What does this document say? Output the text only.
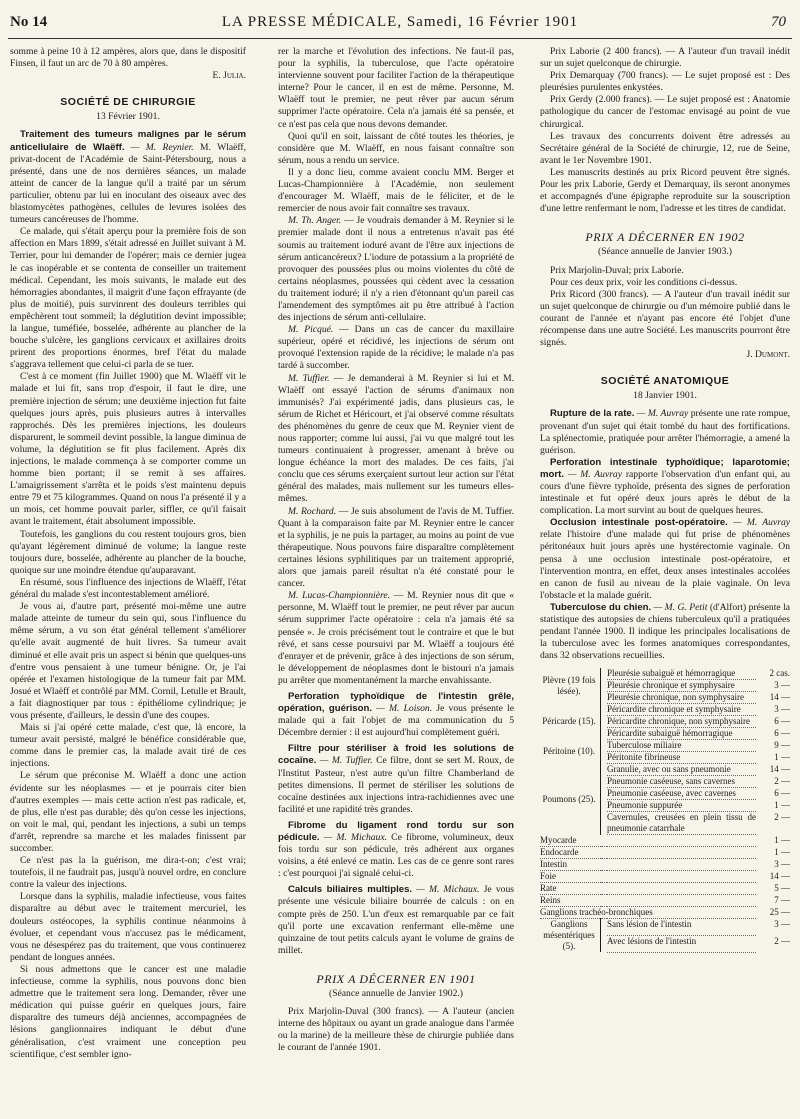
No 14	LA PRESSE MÉDICALE, Samedi, 16 Février 1901	70

somme à peine 10 à 12 ampères, alors que, dans le dispositif Finsen, il faut un arc de 70 à 80 ampères.

E. Julia.
SOCIÉTÉ DE CHIRURGIE
13 Février 1901.

Traitement des tumeurs malignes par le sérum anticellulaire de Wlaëff. — M. Reynier. M. Wlaëff, privat-docent de l'Académie de Saint-Pétersbourg, nous a présenté, dans une de nos dernières séances, un malade atteint de cancer de la langue qu'il a traité par un sérum particulier, obtenu par lui en inoculant des oiseaux avec des blastomycètes pathogènes, cellules de levures isolées des tumeurs cancéreuses de l'homme.

Ce malade, qui s'était aperçu pour la première fois de son affection en Mars 1899, s'était adressé en Juillet suivant à M. Terrier, pour lui demander de l'opérer; mais ce dernier jugea le cas inopérable et se contenta de conseiller un traitement médical. Cependant, les mois suivants, le malade eut des hémorragies abondantes, il maigrit d'une façon effrayante (de plus de moitié), puis survinrent des douleurs terribles qui empêchèrent tout sommeil; la déglutition devint impossible; la langue, tuméfiée, bosselée, adhérente au plancher de la bouche s'ulcère, les ganglions cervicaux et axillaires droits prirent des proportions énormes, bref l'état du malade s'aggrava tellement que celui-ci parla de se tuer.

C'est à ce moment (fin Juillet 1900) que M. Wlaëff vit le malade et lui fit, sans trop d'espoir, il faut le dire, une première injection de sérum; une deuxième injection fut faite quelques jours après, puis plusieurs autres à intervalles rapprochés. Dès les premières injections, les douleurs disparurent, le sommeil devint possible, la langue diminua de volume, la déglutition se fit plus facilement. Après dix injections, le malade commença à se comporter comme un homme bien portant; il se remit à ses affaires. L'amaigrissement s'arrêta et le poids s'est maintenu depuis entre 79 et 75 kilogrammes. Quand on nous l'a présenté il y a un mois, cet homme pouvait parler, siffler, ce qu'il faisait avant le traitement, était absolument impossible.

Toutefois, les ganglions du cou restent toujours gros, bien qu'ayant légèrement diminué de volume; la langue reste toujours dure, bosselée, adhérente au plancher de la bouche, quoique sur une moindre étendue qu'auparavant.

En résumé, sous l'influence des injections de Wlaëff, l'état général du malade s'est incontestablement amélioré.

Je vous ai, d'autre part, présenté moi-même une autre malade atteinte de tumeur du sein qui, sous l'influence du même sérum, a vu son état général tellement s'améliorer qu'elle avait augmenté de huit livres. Sa tumeur avait diminué et elle avait pris un aspect si bénin que quelques-uns d'entre vous pensaient à une tumeur bénigne. Or, je l'ai opérée et l'examen histologique de la tumeur fait par MM. Josué et Wlaëff et contrôlé par MM. Cornil, Letulle et Brault, a fait diagnostiquer par tous : épithéliome cylindrique; je vous présente, d'ailleurs, le dessin d'une des coupes.

Mais si j'ai opéré cette malade, c'est que, là encore, la tumeur avait persisté, malgré le bénéfice considérable que, comme dans le premier cas, la malade avait tiré de ces injections.

Le sérum que préconise M. Wlaëff a donc une action évidente sur les néoplasmes — et je pourrais citer bien d'autres exemples — mais cette action n'est pas radicale, et, de plus, elle n'est pas durable; dès qu'on cesse les injections, on voit le mal, qui, pendant les injections, a subi un temps d'arrêt, reprendre sa marche et les malades finissent par succomber.

Ce n'est pas la la guérison, me dira-t-on; c'est vrai; toutefois, il ne faudrait pas, jusqu'à nouvel ordre, en conclure contre la valeur des injections.

Lorsque dans la syphilis, maladie infectieuse, vous faites disparaître au début avec le traitement mercuriel, les douleurs ostéocopes, la syphilis continue néanmoins à évoluer, et cependant vous n'accusez pas le médicament, vous ne désespérez pas du traitement, que vous continuerez pendant de longues années.

Si nous admettons que le cancer est une maladie infectieuse, comme la syphilis, nous pouvons donc bien admettre que le traitement sera long. Demander, rêver une médication qui puisse guérir en quelques jours, faire disparaître des tumeurs déjà anciennes, accompagnées de lésions ganglionnaires indiquant le début d'une généralisation, c'est vraiment une conception peu scientifique, c'est sembler igno-

rer la marche et l'évolution des infections. Ne faut-il pas, pour la syphilis, la tuberculose, que l'acte opératoire intervienne souvent pour faciliter l'action de la thérapeutique interne? Pour le cancer, il en est de même. Personne, M. Wlaëff tout le premier, ne peut rêver par aucun sérum supprimer l'acte opératoire. Cela n'a jamais été sa pensée, et ce n'est pas cela que nous devons demander.

Quoi qu'il en soit, laissant de côté toutes les théories, je considère que M. Wlaëff, en nous faisant connaître son sérum, nous a rendu un service.

Il y a donc lieu, comme avaient conclu MM. Berger et Lucas-Championnière à l'Académie, non seulement d'encourager M. Wlaëff, mais de le féliciter, et de le remercier de nous avoir fait connaître ses travaux.

M. Th. Anger. — Je voudrais demander à M. Reynier si le premier malade dont il nous a entretenus n'avait pas été soumis au traitement ioduré avant de l'être aux injections de sérum anticancéreux? L'iodure de potassium a la propriété de provoquer des poussées plus ou moins violentes du côté de certains néoplasmes, poussées qui cèdent avec la cessation du traitement ioduré; il n'y a rien d'étonnant qu'un pareil cas l'amendement des symptômes ait pu être attribué à l'action des injections de sérum anti-cellulaire.

M. Picqué. — Dans un cas de cancer du maxillaire supérieur, opéré et récidivé, les injections de sérum ont provoqué l'extension rapide de la récidive; le malade n'a pas tardé à succomber.

M. Tuffier. — Je demanderai à M. Reynier si lui et M. Wlaëff ont essayé l'action de sérums d'animaux non immunisés? J'ai expérimenté jadis, dans plusieurs cas, le sérum de Richet et Héricourt, et j'ai observé comme résultats des phénomènes du genre de ceux que M. Reynier vient de nous rapporter; comme lui aussi, j'ai vu que malgré tout les tumeurs continuaient à progresser, amenant à brève ou longue échéance la mort des malades. De ces faits, j'ai conclu que ces sérums exerçaient surtout leur action sur l'état général des malades, mais nullement sur les tumeurs elles-mêmes.

M. Rochard. — Je suis absolument de l'avis de M. Tuffier. Quant à la comparaison faite par M. Reynier entre le cancer et la syphilis, je ne puis la partager, au moins au point de vue thérapeutique. Nous pouvons faire disparaître complètement certaines lésions syphilitiques par un traitement approprié, alors que jamais pareil résultat n'a été constaté pour le cancer.

M. Lucas-Championnière. — M. Reynier nous dit que « personne, M. Wlaëff tout le premier, ne peut rêver par aucun sérum supprimer l'acte opératoire : cela n'a jamais été sa pensée ». Je crois précisément tout le contraire et que le but rêvé, et sans cesse poursuivi par M. Wlaëff a toujours été d'enrayer et de prévenir, grâce à des injections de son sérum, le développement de néoplasmes dont le bistouri n'a jamais pu arrêter que momentanément la marche envahissante.

Perforation typhoïdique de l'intestin grêle, opération, guérison. — M. Loison. Je vous présente le malade qui a fait l'objet de ma communication du 5 Décembre dernier : il est aujourd'hui complètement guéri.

Filtre pour stériliser à froid les solutions de cocaïne. — M. Tuffier. Ce filtre, dont se sert M. Roux, de l'Institut Pasteur, n'est autre qu'un filtre Chamberland de petites dimensions. Il permet de stériliser les solutions de cocaïne destinées aux injections intra-rachidiennes avec une facilité et une rapidité très grandes.

Fibrome du ligament rond tordu sur son pédicule. — M. Michaux. Ce fibrome, volumineux, deux fois tordu sur son pédicule, très adhérent aux organes voisins, a été enlevé ce matin. Les cas de ce genre sont rares : c'est pourquoi j'ai signalé celui-ci.

Calculs biliaires multiples. — M. Michaux. Je vous présente une vésicule biliaire bourrée de calculs : on en compte près de 250. L'un d'eux est remarquable par ce fait qu'il porte une excavation renfermant elle-même une quinzaine de tout petits calculs ayant le volume de grains de millet.

PRIX A DÉCERNER EN 1901
(Séance annuelle de Janvier 1902.)

Prix Marjolin-Duval (300 francs). — A l'auteur (ancien interne des hôpitaux ou ayant un grade analogue dans l'armée ou la marine) de la meilleure thèse de chirurgie publiée dans le courant de l'année 1901.

Prix Laborie (2 400 francs). — A l'auteur d'un travail inédit sur un sujet quelconque de chirurgie.

Prix Demarquay (700 francs). — Le sujet proposé est : Des pleurésies purulentes enkystées.

Prix Gerdy (2.000 francs). — Le sujet proposé est : Anatomie pathologique du cancer de l'estomac envisagé au point de vue chirurgical.

Les travaux des concurrents doivent être adressés au Secrétaire général de la Société de chirurgie, 12, rue de Seine, avant le 1er Novembre 1901.

Les manuscrits destinés au prix Ricord peuvent être signés. Pour les prix Laborie, Gerdy et Demarquay, ils seront anonymes et accompagnés d'une épigraphe reproduite sur la souscription d'une lettre renfermant le nom, l'adresse et les titres de candidat.

PRIX A DÉCERNER EN 1902
(Séance annuelle de Janvier 1903.)

Prix Marjolin-Duval; prix Laborie.

Pour ces deux prix, voir les conditions ci-dessus.

Prix Ricord (300 francs). — A l'auteur d'un travail inédit sur un sujet quelconque de chirurgie ou d'un mémoire publié dans le courant de l'année et n'ayant pas encore été l'objet d'une récompense dans une autre Société. Les manuscrits pourront être signés.

J. Dumont.
SOCIÉTÉ ANATOMIQUE
18 Janvier 1901.

Rupture de la rate. — M. Auvray présente une rate rompue, provenant d'un sujet qui était tombé du haut des fortifications. La splénectomie, pratiquée pour arrêter l'hémorragie, a amené la guérison.

Perforation intestinale typhoïdique; laparotomie; mort. — M. Auvray rapporte l'observation d'un enfant qui, au cours d'une fièvre typhoïde, présenta des signes de perforation intestinale et fut opéré deux jours après le début de la complication. La mort survint au bout de quelques heures.

Occlusion intestinale post-opératoire. — M. Auvray relate l'histoire d'une malade qui fut prise de phénomènes péritonéaux huit jours après une hystérectomie vaginale. On pensa à une occlusion intestinale post-opératoire, et l'intervention montra, en effet, deux anses intestinales accolées en canon de fusil au niveau de la plaie vaginale. On leva l'obstacle et la malade guérit.

Tuberculose du chien. — M. G. Petit (d'Alfort) présente la statistique des autopsies de chiens tuberculeux qu'il a pratiquées pendant l'année 1900. Il indique les principales localisations de la tuberculose avec les formes anatomiques correspondantes, dans 32 observations recueillies.

Plèvre (19 fois lésée).		Pleurésie subaiguë et hémorragique	2 cas.
		Pleurésie chronique et symphysaire	3 —
		Pleurésie chronique, non symphysaire	14 —
Péricarde (15).		Péricardite chronique et symphysaire	3 —
		Péricardite chronique, non symphysaire	6 —
		Péricardite subaiguë hémorragique	6 —
Péritoine (10).		Tuberculose miliaire	9 —
		Péritonite fibrineuse	1 —
Poumons (25).		Granulie, avec ou sans pneumonie	14 —
		Pneumonie caséeuse, sans cavernes	2 —
		Pneumonie caséeuse, avec cavernes	6 —
		Pneumonie suppurée	1 —
		Cavernules, creusées en plein tissu de pneumonie catarrhale	2 —
Myocarde			1 —
Endocarde			1 —
Intestin			3 —
Foie			14 —
Rate			5 —
Reins			7 —
Ganglions trachéo-bronchiques			25 —
Ganglions mésentériques (5).		Sans lésion de l'intestin	3 —
		Avec lésions de l'intestin	2 —
